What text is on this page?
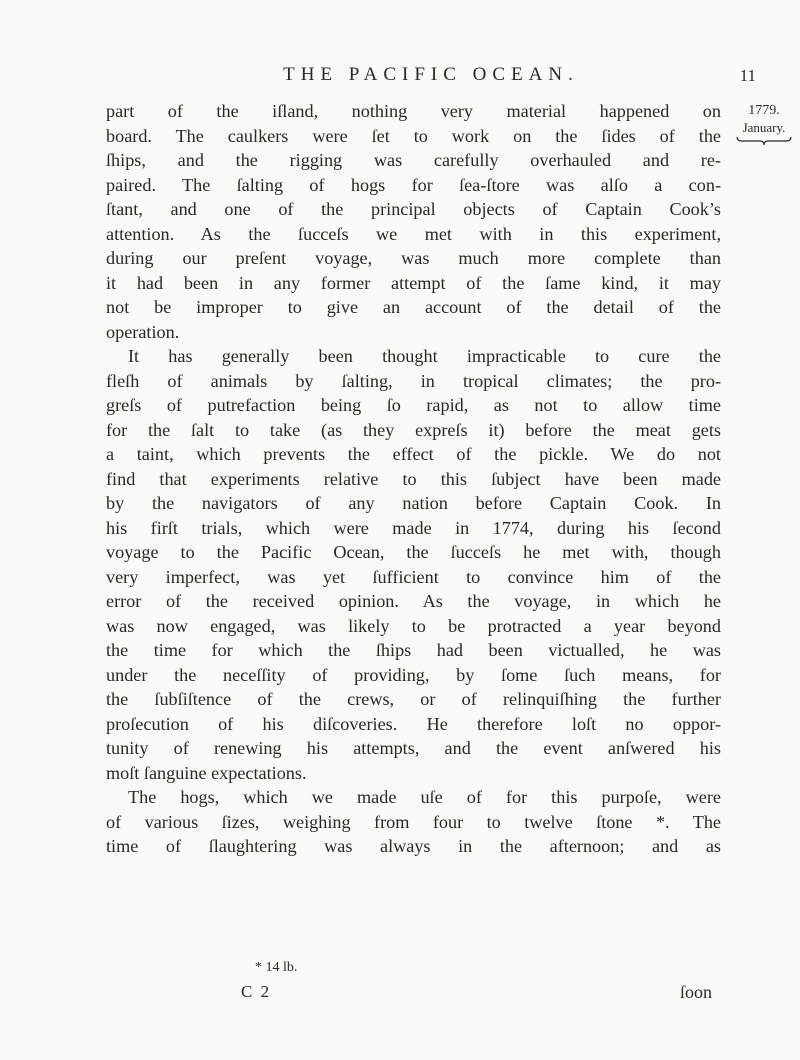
THE PACIFIC OCEAN.	11
1779.
January.
part of the iſland, nothing very material happened on
board. The caulkers were ſet to work on the ſides of the
ſhips, and the rigging was carefully overhauled and re-
paired. The ſalting of hogs for ſea-ſtore was alſo a con-
ſtant, and one of the principal objects of Captain Cook’s
attention. As the ſucceſs we met with in this experiment,
during our preſent voyage, was much more complete than
it had been in any former attempt of the ſame kind, it may
not be improper to give an account of the detail of the
operation.
It has generally been thought impracticable to cure the
fleſh of animals by ſalting, in tropical climates; the pro-
greſs of putrefaction being ſo rapid, as not to allow time
for the ſalt to take (as they expreſs it) before the meat gets
a taint, which prevents the effect of the pickle. We do not
find that experiments relative to this ſubject have been made
by the navigators of any nation before Captain Cook. In
his firſt trials, which were made in 1774, during his ſecond
voyage to the Pacific Ocean, the ſucceſs he met with, though
very imperfect, was yet ſufficient to convince him of the
error of the received opinion. As the voyage, in which he
was now engaged, was likely to be protracted a year beyond
the time for which the ſhips had been victualled, he was
under the neceſſity of providing, by ſome ſuch means, for
the ſubſiſtence of the crews, or of relinquiſhing the further
proſecution of his diſcoveries. He therefore loſt no oppor-
tunity of renewing his attempts, and the event anſwered his
moſt ſanguine expectations.
The hogs, which we made uſe of for this purpoſe, were
of various ſizes, weighing from four to twelve ſtone *. The
time of ſlaughtering was always in the afternoon; and as
* 14 lb.
C 2	ſoon
